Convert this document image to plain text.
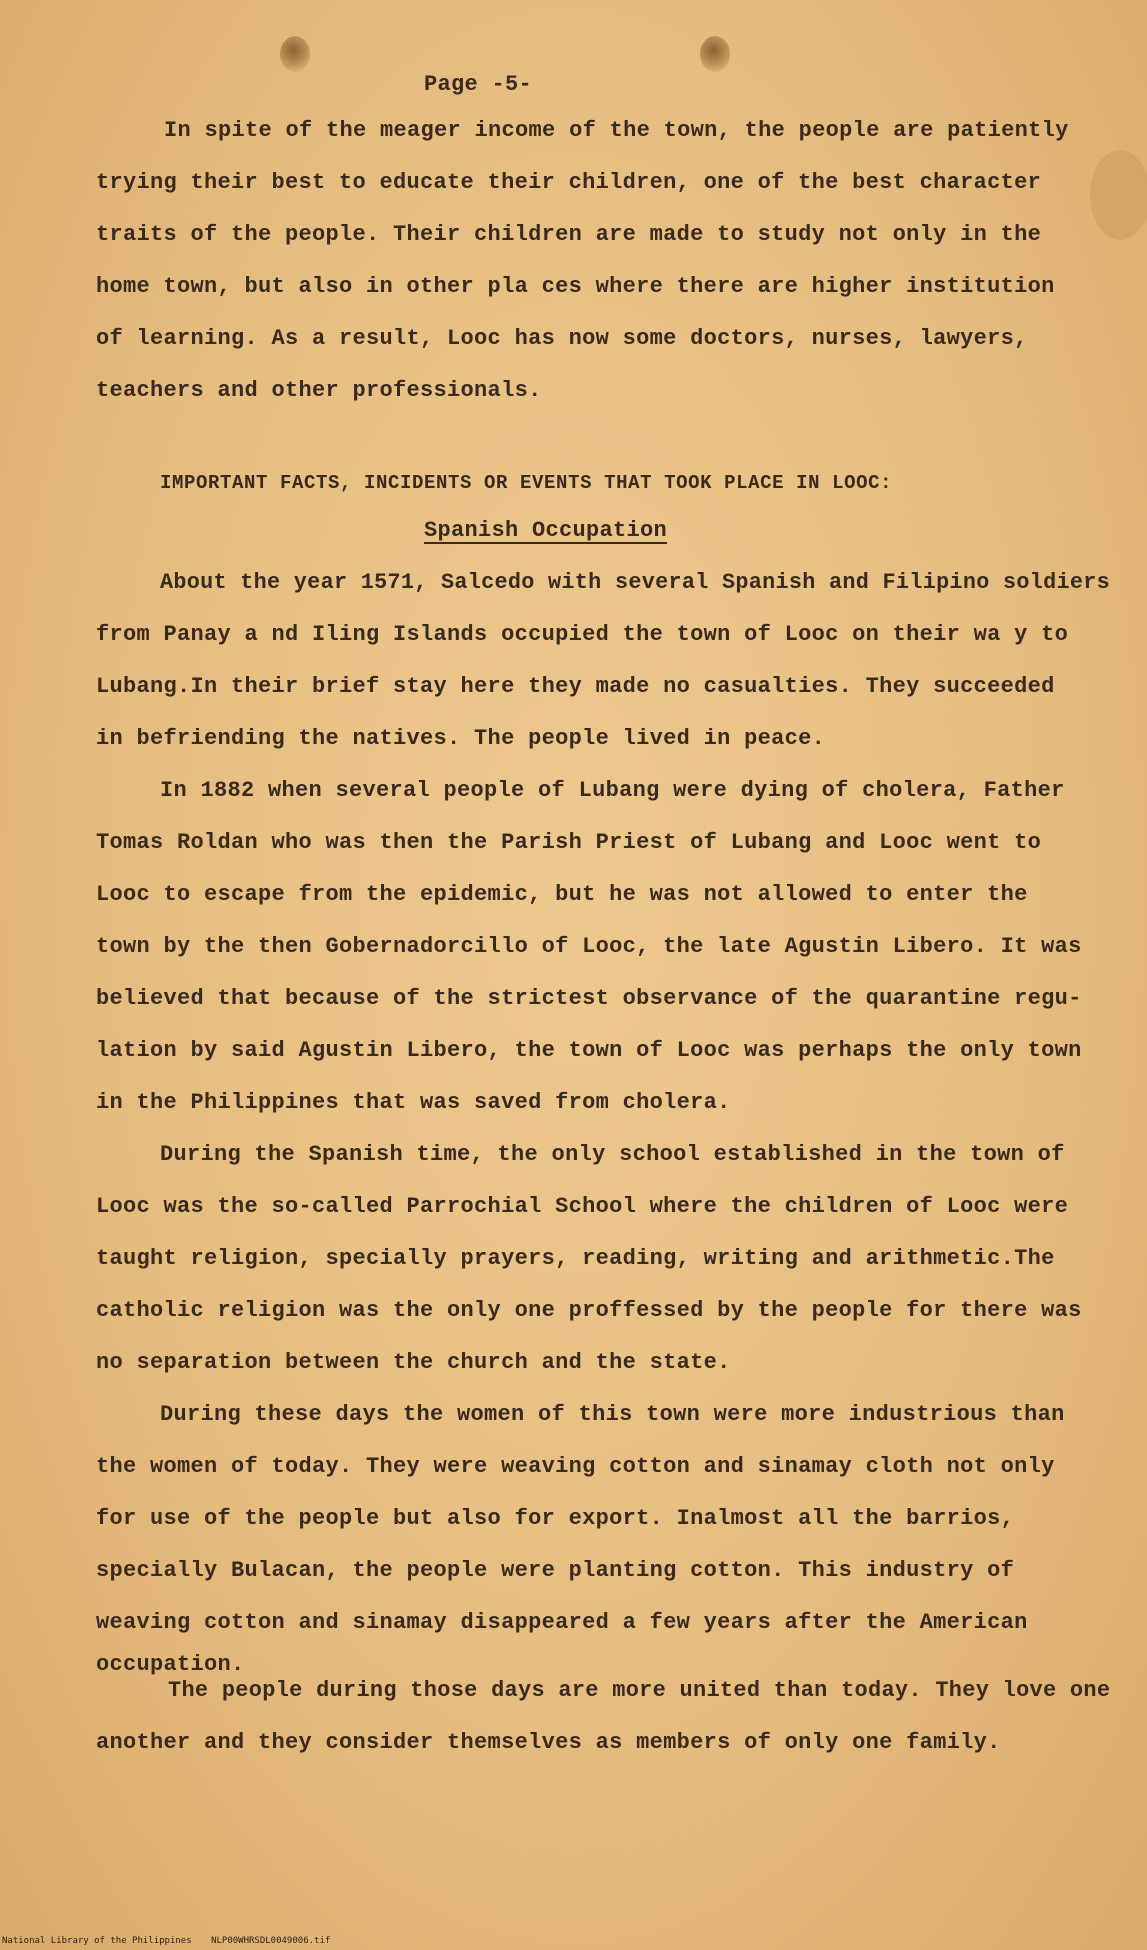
Page -5-
In spite of the meager income of the town, the people are patiently
trying their best to educate their children, one of the best character
traits of the people. Their children are made to study not only in the
home town, but also in other pla ces where there are higher institution
of learning. As a result, Looc has now some doctors, nurses, lawyers,
teachers and other professionals.
IMPORTANT FACTS, INCIDENTS OR EVENTS THAT TOOK PLACE IN LOOC:
Spanish Occupation
About the year 1571, Salcedo with several Spanish and Filipino soldiers
from Panay a nd Iling Islands occupied the town of Looc on their wa y to
Lubang.In their brief stay here they made no casualties. They succeeded
in befriending the natives. The people lived in peace.
In 1882 when several people of Lubang were dying of cholera, Father
Tomas Roldan who was then the Parish Priest of Lubang and Looc went to
Looc to escape from the epidemic, but he was not allowed to enter the
town by the then Gobernadorcillo of Looc, the late Agustin Libero. It was
believed that because of the strictest observance of the quarantine regu-
lation by said Agustin Libero, the town of Looc was perhaps the only town
in the Philippines that was saved from cholera.
During the Spanish time, the only school established in the town of
Looc was the so-called Parrochial School where the children of Looc were
taught religion, specially prayers, reading, writing and arithmetic.The
catholic religion was the only one proffessed by the people for there was
no separation between the church and the state.
During these days the women of this town were more industrious than
the women of today. They were weaving cotton and sinamay cloth not only
for use of the people but also for export. Inalmost all the barrios,
specially Bulacan, the people were planting cotton. This industry of
weaving cotton and sinamay disappeared a few years after the American
occupation.
The people during those days are more united than today. They love one
another and they consider themselves as members of only one family.
National Library of the Philippines NLP00WHRSDL0049006.tif
